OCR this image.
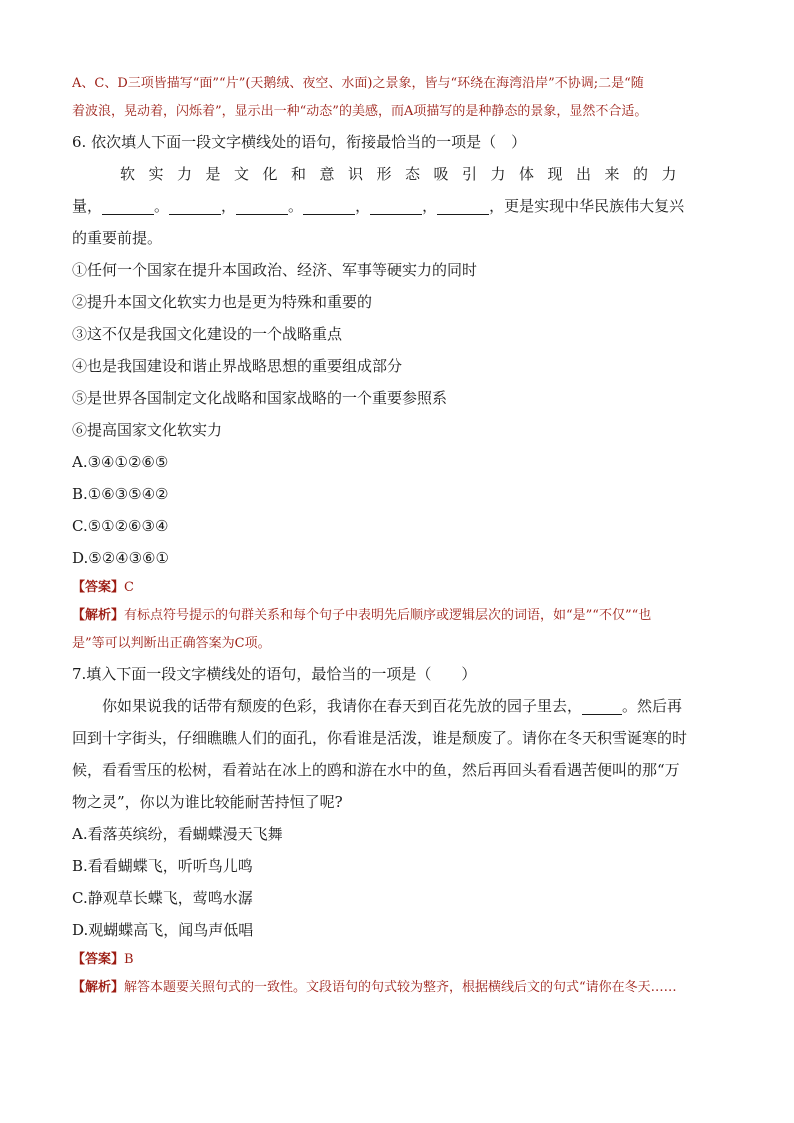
A、C、D三项皆描写“面”“片”(天鹅绒、夜空、水面)之景象，皆与“环绕在海湾沿岸”不协调;二是“随
着波浪，晃动着，闪烁着”，显示出一种“动态”的美感，而A项描写的是种静态的景象，显然不合适。
6. 依次填人下面一段文字横线处的语句，衔接最恰当的一项是（　）
软实力是文化和意识形态吸引力体现出来的力
量，	。	，	。	，	，	，更是实现中华民族伟大复兴
的重要前提。
①任何一个国家在提升本国政治、经济、军事等硬实力的同时
②提升本国文化软实力也是更为特殊和重要的
③这不仅是我国文化建设的一个战略重点
④也是我国建设和谐止界战略思想的重要组成部分
⑤是世界各国制定文化战略和国家战略的一个重要参照系
⑥提高国家文化软实力
A.③④①②⑥⑤
B.①⑥③⑤④②
C.⑤①②⑥③④
D.⑤②④③⑥①
【答案】C
【解析】有标点符号提示的句群关系和每个句子中表明先后顺序或逻辑层次的词语，如“是”“不仅”“也
是”等可以判断出正确答案为C项。
7.填入下面一段文字横线处的语句，最恰当的一项是（　　）
你如果说我的话带有颓废的色彩，我请你在春天到百花先放的园子里去，	。然后再
回到十字街头，仔细瞧瞧人们的面孔，你看谁是活泼，谁是颓废了。请你在冬天积雪诞寒的时
候，看看雪压的松树，看着站在冰上的鸥和游在水中的鱼，然后再回头看看遇苦便叫的那“万
物之灵”，你以为谁比较能耐苦持恒了呢?
A.看落英缤纷，看蝴蝶漫天飞舞
B.看看蝴蝶飞，听听鸟儿鸣
C.静观草长蝶飞，莺鸣水潺
D.观蝴蝶高飞，闻鸟声低唱
【答案】B
【解析】解答本题要关照句式的一致性。文段语句的句式较为整齐，根据横线后文的句式“请你在冬天……
